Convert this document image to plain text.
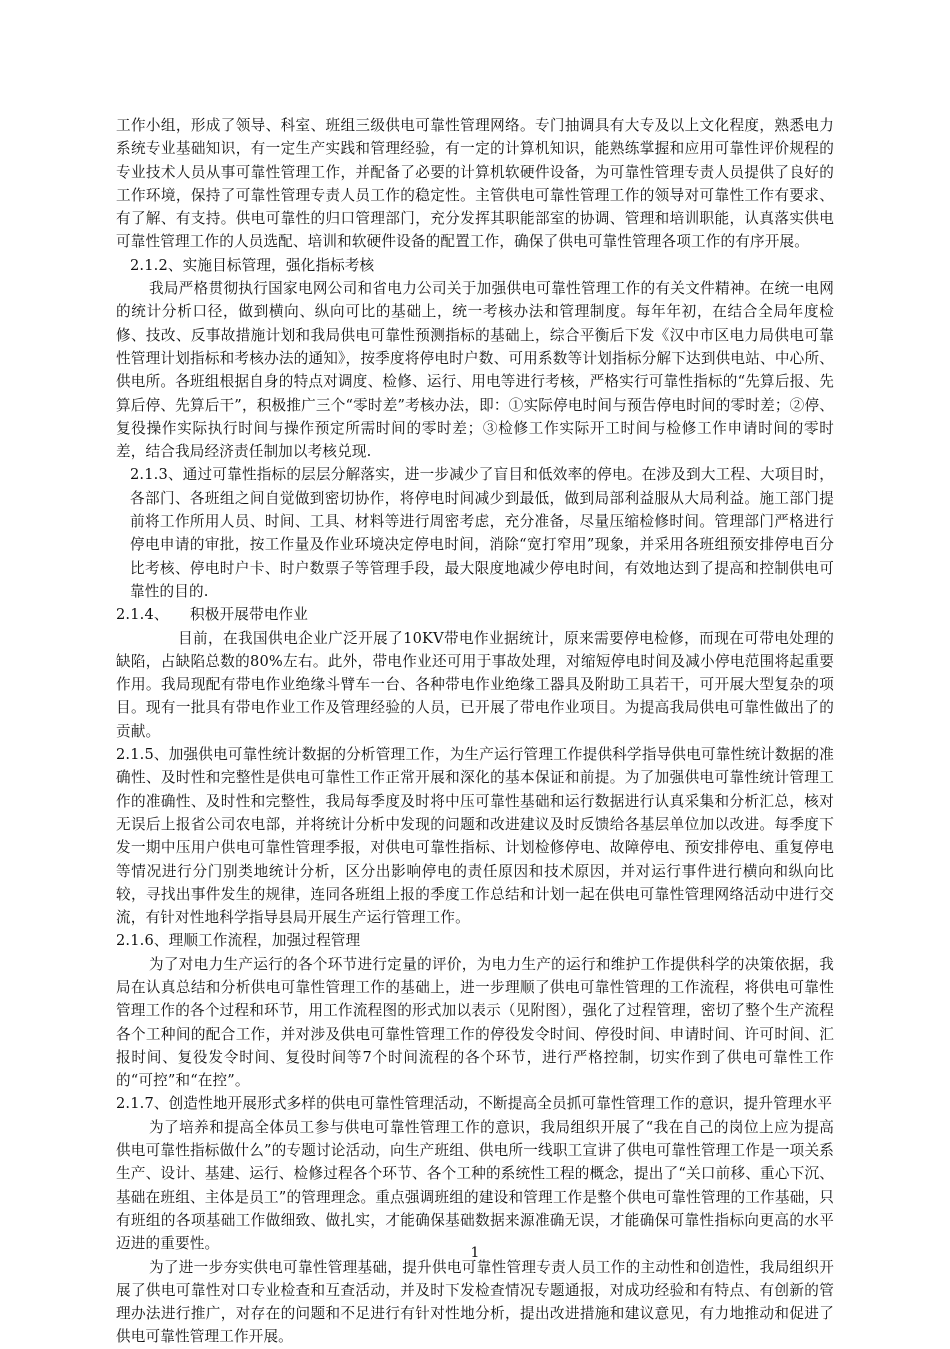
工作小组，形成了领导、科室、班组三级供电可靠性管理网络。专门抽调具有大专及以上文化程度，熟悉电力系统专业基础知识，有一定生产实践和管理经验，有一定的计算机知识，能熟练掌握和应用可靠性评价规程的专业技术人员从事可靠性管理工作，并配备了必要的计算机软硬件设备，为可靠性管理专责人员提供了良好的工作环境，保持了可靠性管理专责人员工作的稳定性。主管供电可靠性管理工作的领导对可靠性工作有要求、有了解、有支持。供电可靠性的归口管理部门，充分发挥其职能部室的协调、管理和培训职能，认真落实供电可靠性管理工作的人员选配、培训和软硬件设备的配置工作，确保了供电可靠性管理各项工作的有序开展。

2.1.2、实施目标管理，强化指标考核

我局严格贯彻执行国家电网公司和省电力公司关于加强供电可靠性管理工作的有关文件精神。在统一电网的统计分析口径，做到横向、纵向可比的基础上，统一考核办法和管理制度。每年年初，在结合全局年度检修、技改、反事故措施计划和我局供电可靠性预测指标的基础上，综合平衡后下发《汉中市区电力局供电可靠性管理计划指标和考核办法的通知》，按季度将停电时户数、可用系数等计划指标分解下达到供电站、中心所、供电所。各班组根据自身的特点对调度、检修、运行、用电等进行考核，严格实行可靠性指标的“先算后报、先算后停、先算后干”，积极推广三个“零时差”考核办法，即：①实际停电时间与预告停电时间的零时差；②停、复役操作实际执行时间与操作预定所需时间的零时差；③检修工作实际开工时间与检修工作申请时间的零时差，结合我局经济责任制加以考核兑现.

2.1.3、通过可靠性指标的层层分解落实，进一步减少了盲目和低效率的停电。在涉及到大工程、大项目时，各部门、各班组之间自觉做到密切协作，将停电时间减少到最低，做到局部利益服从大局利益。施工部门提前将工作所用人员、时间、工具、材料等进行周密考虑，充分准备，尽量压缩检修时间。管理部门严格进行停电申请的审批，按工作量及作业环境决定停电时间，消除“宽打窄用”现象，并采用各班组预安排停电百分比考核、停电时户卡、时户数票子等管理手段，最大限度地减少停电时间，有效地达到了提高和控制供电可靠性的目的.

2.1.4、 积极开展带电作业

目前，在我国供电企业广泛开展了10KV带电作业据统计，原来需要停电检修，而现在可带电处理的缺陷，占缺陷总数的80%左右。此外，带电作业还可用于事故处理，对缩短停电时间及减小停电范围将起重要作用。我局现配有带电作业绝缘斗臂车一台、各种带电作业绝缘工器具及附助工具若干，可开展大型复杂的项目。现有一批具有带电作业工作及管理经验的人员，已开展了带电作业项目。为提高我局供电可靠性做出了的贡献。

2.1.5、加强供电可靠性统计数据的分析管理工作，为生产运行管理工作提供科学指导供电可靠性统计数据的准确性、及时性和完整性是供电可靠性工作正常开展和深化的基本保证和前提。为了加强供电可靠性统计管理工作的准确性、及时性和完整性，我局每季度及时将中压可靠性基础和运行数据进行认真采集和分析汇总，核对无误后上报省公司农电部，并将统计分析中发现的问题和改进建议及时反馈给各基层单位加以改进。每季度下发一期中压用户供电可靠性管理季报，对供电可靠性指标、计划检修停电、故障停电、预安排停电、重复停电等情况进行分门别类地统计分析，区分出影响停电的责任原因和技术原因，并对运行事件进行横向和纵向比较，寻找出事件发生的规律，连同各班组上报的季度工作总结和计划一起在供电可靠性管理网络活动中进行交流，有针对性地科学指导县局开展生产运行管理工作。

2.1.6、理顺工作流程，加强过程管理

为了对电力生产运行的各个环节进行定量的评价，为电力生产的运行和维护工作提供科学的决策依据，我局在认真总结和分析供电可靠性管理工作的基础上，进一步理顺了供电可靠性管理的工作流程，将供电可靠性管理工作的各个过程和环节，用工作流程图的形式加以表示（见附图），强化了过程管理，密切了整个生产流程各个工种间的配合工作，并对涉及供电可靠性管理工作的停役发令时间、停役时间、申请时间、许可时间、汇报时间、复役发令时间、复役时间等7个时间流程的各个环节，进行严格控制，切实作到了供电可靠性工作的“可控”和“在控”。

2.1.7、创造性地开展形式多样的供电可靠性管理活动，不断提高全员抓可靠性管理工作的意识，提升管理水平

为了培养和提高全体员工参与供电可靠性管理工作的意识，我局组织开展了“我在自己的岗位上应为提高供电可靠性指标做什么”的专题讨论活动，向生产班组、供电所一线职工宣讲了供电可靠性管理工作是一项关系生产、设计、基建、运行、检修过程各个环节、各个工种的系统性工程的概念，提出了“关口前移、重心下沉、基础在班组、主体是员工”的管理理念。重点强调班组的建设和管理工作是整个供电可靠性管理的工作基础，只有班组的各项基础工作做细致、做扎实，才能确保基础数据来源准确无误，才能确保可靠性指标向更高的水平迈进的重要性。

为了进一步夯实供电可靠性管理基础，提升供电可靠性管理专责人员工作的主动性和创造性，我局组织开展了供电可靠性对口专业检查和互查活动，并及时下发检查情况专题通报，对成功经验和有特点、有创新的管理办法进行推广，对存在的问题和不足进行有针对性地分析，提出改进措施和建议意见，有力地推动和促进了供电可靠性管理工作开展。

1
